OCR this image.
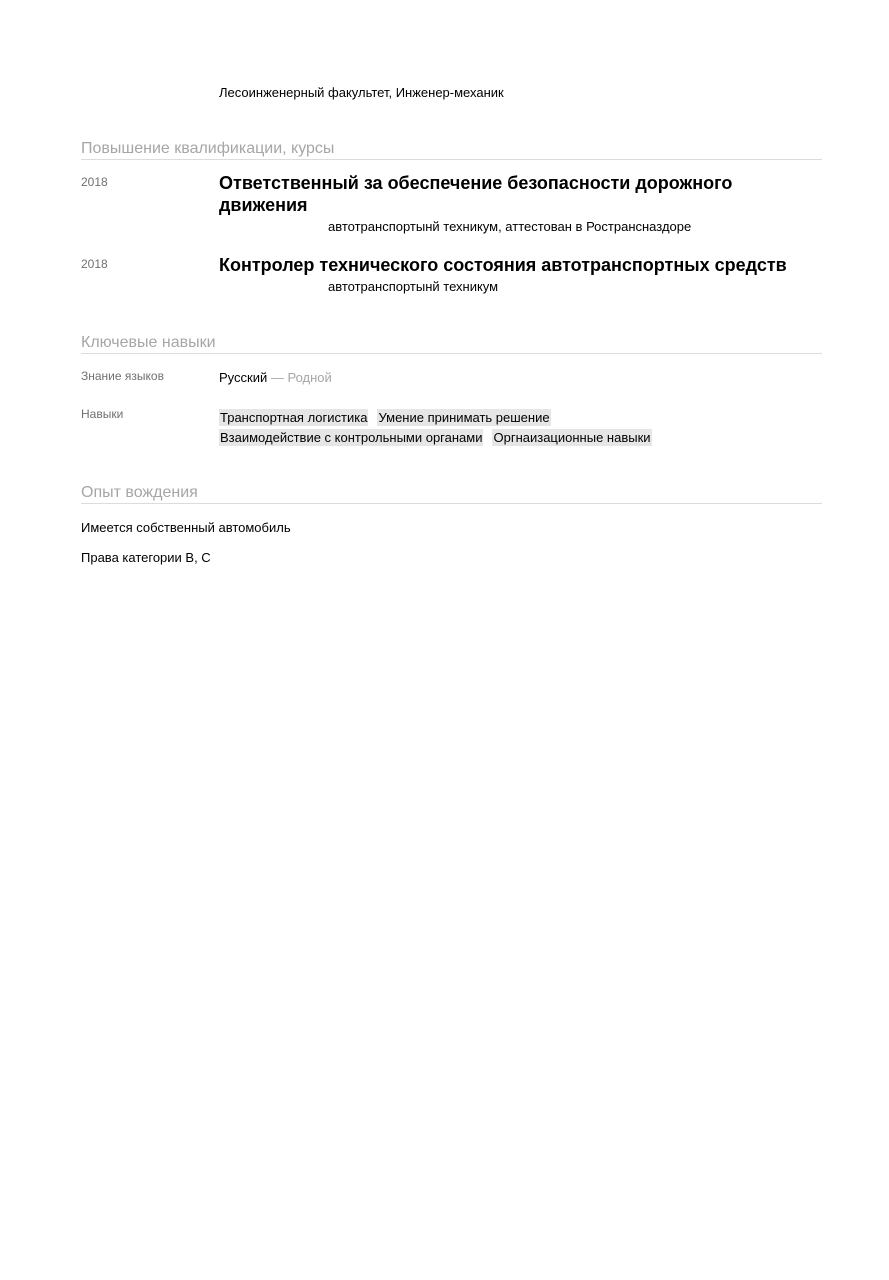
Лесоинженерный факультет, Инженер-механик
Повышение квалификации, курсы
2018	Ответственный за обеспечение безопасности дорожного движения
автотранспортынй техникум, аттестован в Ространсназдоре
2018	Контролер технического состояния автотранспортных средств
автотранспортынй техникум
Ключевые навыки
Знание языков	Русский — Родной
Навыки	Транспортная логистика Умение принимать решение
Взаимодействие с контрольными органами Оргнаизационные навыки
Опыт вождения
Имеется собственный автомобиль
Права категории B, C
